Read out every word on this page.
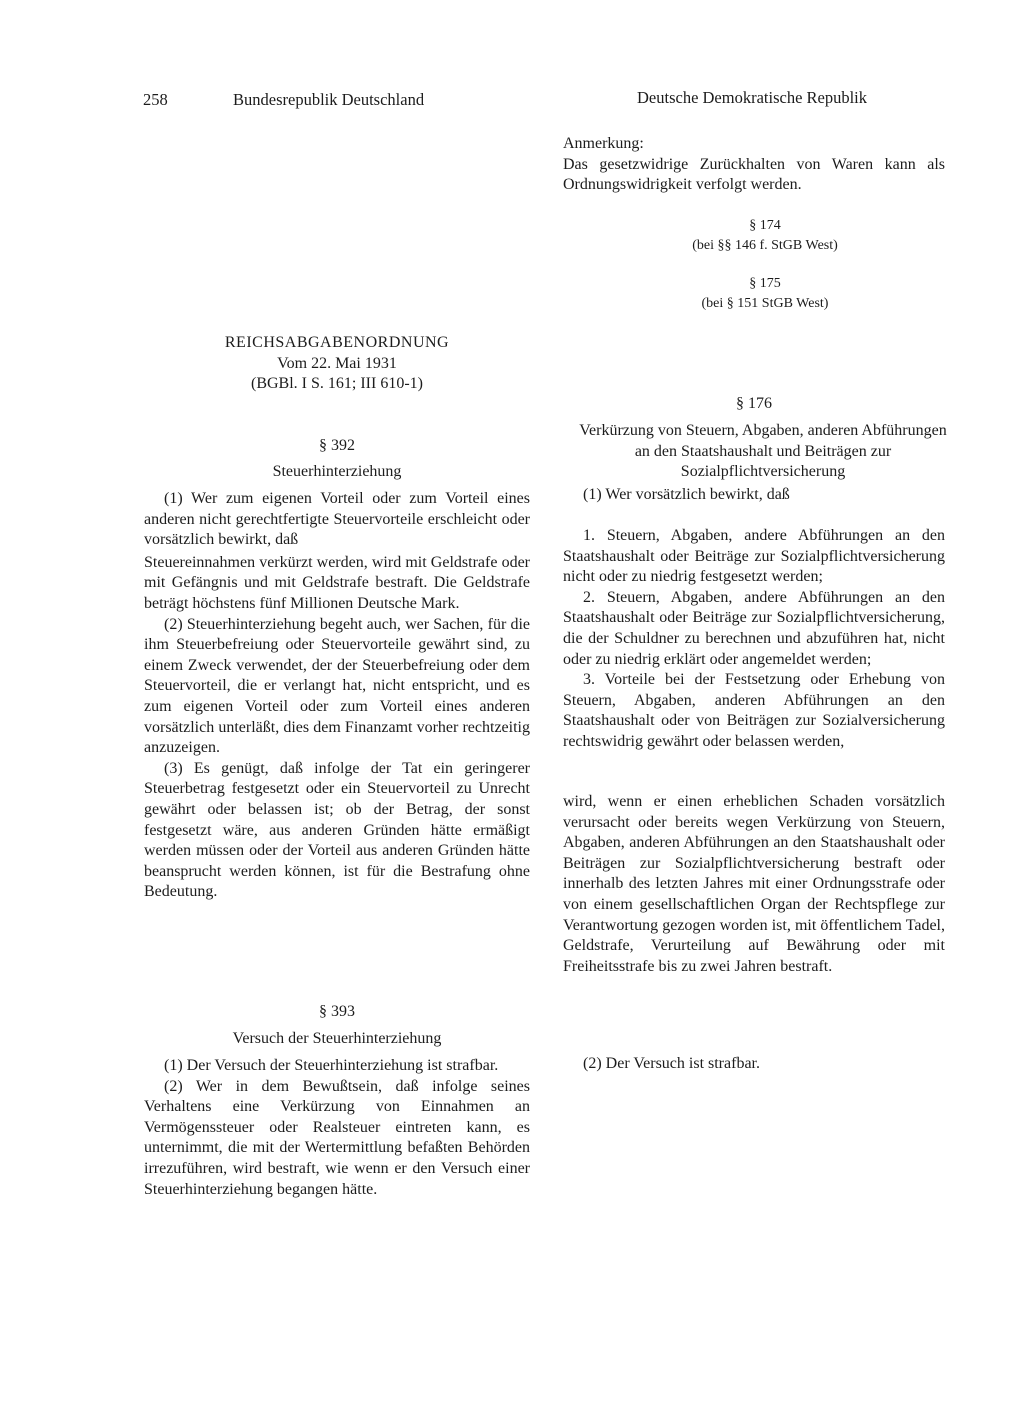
258	Bundesrepublik Deutschland	Deutsche Demokratische Republik
REICHSABGABENORDNUNG
Vom 22. Mai 1931
(BGBl. I S. 161; III 610-1)
§ 392
Steuerhinterziehung
(1) Wer zum eigenen Vorteil oder zum Vorteil eines anderen nicht gerechtfertigte Steuervorteile erschleicht oder vorsätzlich bewirkt, daß
Steuereinnahmen verkürzt werden, wird mit Geldstrafe oder mit Gefängnis und mit Geldstrafe bestraft. Die Geldstrafe beträgt höchstens fünf Millionen Deutsche Mark.
(2) Steuerhinterziehung begeht auch, wer Sachen, für die ihm Steuerbefreiung oder Steuervorteile gewährt sind, zu einem Zweck verwendet, der der Steuerbefreiung oder dem Steuervorteil, die er verlangt hat, nicht entspricht, und es zum eigenen Vorteil oder zum Vorteil eines anderen vorsätzlich unterläßt, dies dem Finanzamt vorher rechtzeitig anzuzeigen.
(3) Es genügt, daß infolge der Tat ein geringerer Steuerbetrag festgesetzt oder ein Steuervorteil zu Unrecht gewährt oder belassen ist; ob der Betrag, der sonst festgesetzt wäre, aus anderen Gründen hätte ermäßigt werden müssen oder der Vorteil aus anderen Gründen hätte beansprucht werden können, ist für die Bestrafung ohne Bedeutung.
§ 393
Versuch der Steuerhinterziehung
(1) Der Versuch der Steuerhinterziehung ist strafbar.
(2) Wer in dem Bewußtsein, daß infolge seines Verhaltens eine Verkürzung von Einnahmen an Vermögenssteuer oder Realsteuer eintreten kann, es unternimmt, die mit der Wertermittlung befaßten Behörden irrezuführen, wird bestraft, wie wenn er den Versuch einer Steuerhinterziehung begangen hätte.
Anmerkung:
Das gesetzwidrige Zurückhalten von Waren kann als Ordnungswidrigkeit verfolgt werden.
§ 174
(bei §§ 146 f. StGB West)
§ 175
(bei § 151 StGB West)
§ 176
Verkürzung von Steuern, Abgaben, anderen Abführungen an den Staatshaushalt und Beiträgen zur Sozialpflichtversicherung
(1) Wer vorsätzlich bewirkt, daß
1. Steuern, Abgaben, andere Abführungen an den Staatshaushalt oder Beiträge zur Sozialpflichtversicherung nicht oder zu niedrig festgesetzt werden;
2. Steuern, Abgaben, andere Abführungen an den Staatshaushalt oder Beiträge zur Sozialpflichtversicherung, die der Schuldner zu berechnen und abzuführen hat, nicht oder zu niedrig erklärt oder angemeldet werden;
3. Vorteile bei der Festsetzung oder Erhebung von Steuern, Abgaben, anderen Abführungen an den Staatshaushalt oder von Beiträgen zur Sozialversicherung rechtswidrig gewährt oder belassen werden,
wird, wenn er einen erheblichen Schaden vorsätzlich verursacht oder bereits wegen Verkürzung von Steuern, Abgaben, anderen Abführungen an den Staatshaushalt oder Beiträgen zur Sozialpflichtversicherung bestraft oder innerhalb des letzten Jahres mit einer Ordnungsstrafe oder von einem gesellschaftlichen Organ der Rechtspflege zur Verantwortung gezogen worden ist, mit öffentlichem Tadel, Geldstrafe, Verurteilung auf Bewährung oder mit Freiheitsstrafe bis zu zwei Jahren bestraft.
(2) Der Versuch ist strafbar.
